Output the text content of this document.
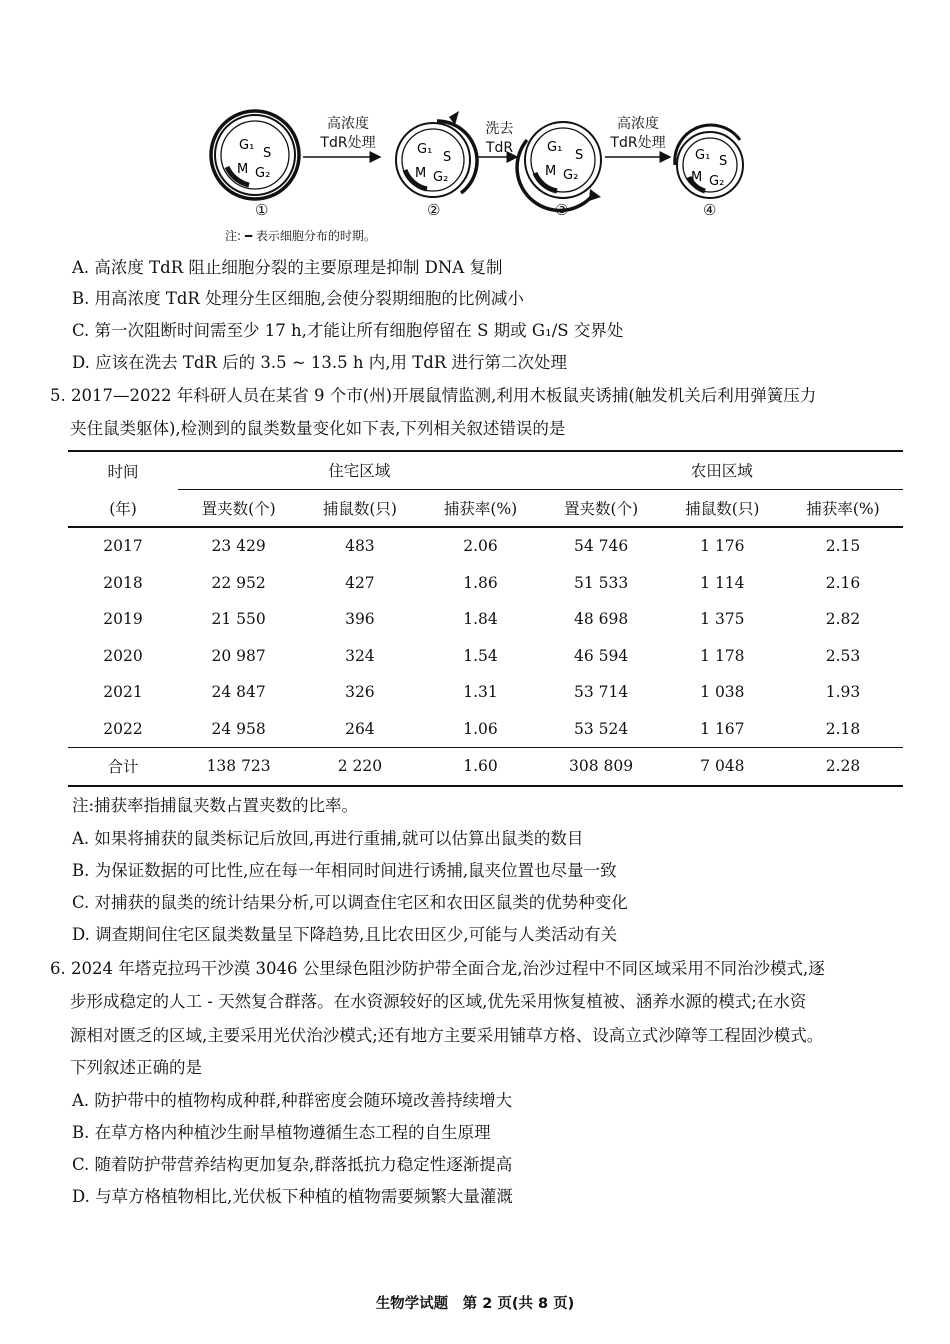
G₁
S
M G₂
G₁
S
M G₂
G₁
S
M G₂
G₁ S
M G₂
高浓度
TdR处理
洗去
TdR
高浓度
TdR处理
①	②	③	④
注: ━ 表示细胞分布的时期。
A. 高浓度 TdR 阻止细胞分裂的主要原理是抑制 DNA 复制
B. 用高浓度 TdR 处理分生区细胞,会使分裂期细胞的比例减小
C. 第一次阻断时间需至少 17 h,才能让所有细胞停留在 S 期或 G₁/S 交界处
D. 应该在洗去 TdR 后的 3.5 ~ 13.5 h 内,用 TdR 进行第二次处理
5. 2017—2022 年科研人员在某省 9 个市(州)开展鼠情监测,利用木板鼠夹诱捕(触发机关后利用弹簧压力
夹住鼠类躯体),检测到的鼠类数量变化如下表,下列相关叙述错误的是
时间	住宅区域			农田区域		
(年)	置夹数(个)	捕鼠数(只)	捕获率(%)	置夹数(个)	捕鼠数(只)	捕获率(%)
2017	23 429	483	2.06	54 746	1 176	2.15
2018	22 952	427	1.86	51 533	1 114	2.16
2019	21 550	396	1.84	48 698	1 375	2.82
2020	20 987	324	1.54	46 594	1 178	2.53
2021	24 847	326	1.31	53 714	1 038	1.93
2022	24 958	264	1.06	53 524	1 167	2.18
合计	138 723	2 220	1.60	308 809	7 048	2.28
注:捕获率指捕鼠夹数占置夹数的比率。
A. 如果将捕获的鼠类标记后放回,再进行重捕,就可以估算出鼠类的数目
B. 为保证数据的可比性,应在每一年相同时间进行诱捕,鼠夹位置也尽量一致
C. 对捕获的鼠类的统计结果分析,可以调查住宅区和农田区鼠类的优势种变化
D. 调查期间住宅区鼠类数量呈下降趋势,且比农田区少,可能与人类活动有关
6. 2024 年塔克拉玛干沙漠 3046 公里绿色阻沙防护带全面合龙,治沙过程中不同区域采用不同治沙模式,逐
步形成稳定的人工 - 天然复合群落。在水资源较好的区域,优先采用恢复植被、涵养水源的模式;在水资
源相对匮乏的区域,主要采用光伏治沙模式;还有地方主要采用铺草方格、设高立式沙障等工程固沙模式。
下列叙述正确的是
A. 防护带中的植物构成种群,种群密度会随环境改善持续增大
B. 在草方格内种植沙生耐旱植物遵循生态工程的自生原理
C. 随着防护带营养结构更加复杂,群落抵抗力稳定性逐渐提高
D. 与草方格植物相比,光伏板下种植的植物需要频繁大量灌溉
生物学试题　第 2 页(共 8 页)
